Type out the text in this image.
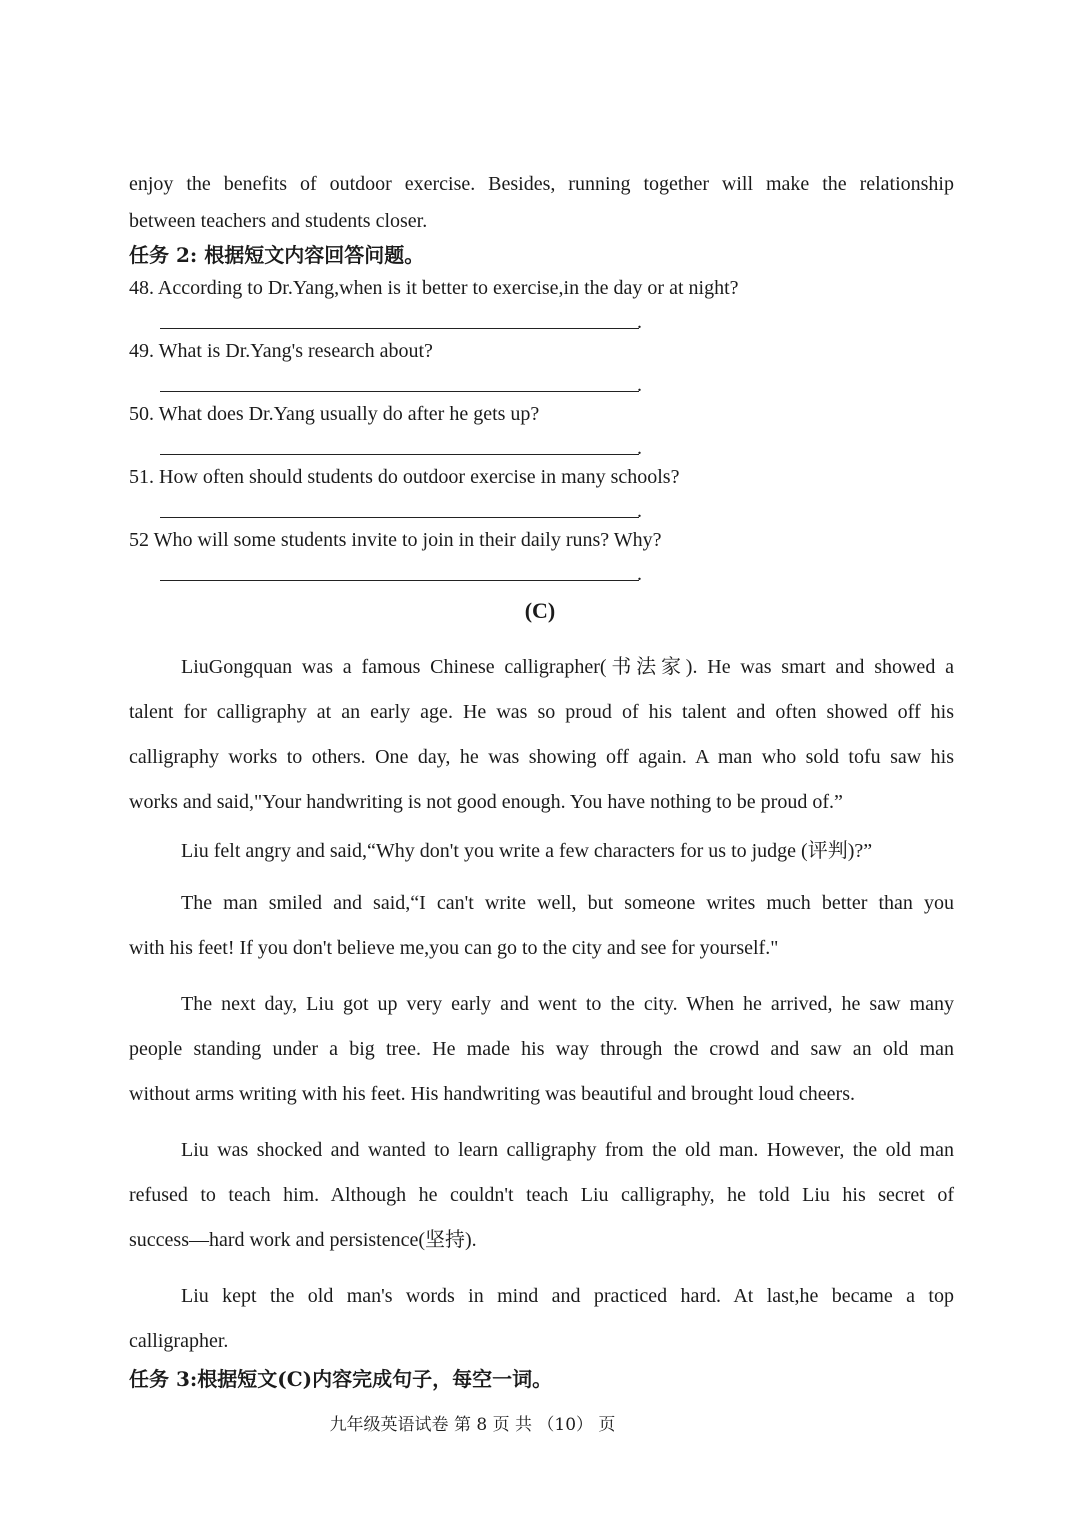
enjoy the benefits of outdoor exercise. Besides, running together will make the relationship
between teachers and students closer.
任务 2: 根据短文内容回答问题。
48. According to Dr.Yang,when is it better to exercise,in the day or at night?
.
49. What is Dr.Yang's research about?
.
50. What does Dr.Yang usually do after he gets up?
.
51. How often should students do outdoor exercise in many schools?
.
52 Who will some students invite to join in their daily runs? Why?
.
(C)
LiuGongquan was a famous Chinese calligrapher(书法家). He was smart and showed a
talent for calligraphy at an early age. He was so proud of his talent and often showed off his
calligraphy works to others. One day, he was showing off again. A man who sold tofu saw his
works and said,"Your handwriting is not good enough. You have nothing to be proud of.”
Liu felt angry and said,“Why don't you write a few characters for us to judge (评判)?”
The man smiled and said,“I can't write well, but someone writes much better than you
with his feet! If you don't believe me,you can go to the city and see for yourself."
The next day, Liu got up very early and went to the city. When he arrived, he saw many
people standing under a big tree. He made his way through the crowd and saw an old man
without arms writing with his feet. His handwriting was beautiful and brought loud cheers.
Liu was shocked and wanted to learn calligraphy from the old man. However, the old man
refused to teach him. Although he couldn't teach Liu calligraphy, he told Liu his secret of
success—hard work and persistence(坚持).
Liu kept the old man's words in mind and practiced hard. At last,he became a top
calligrapher.
任务 3:根据短文(C)内容完成句子，每空一词。
九年级英语试卷 第 8 页 共 （10） 页
